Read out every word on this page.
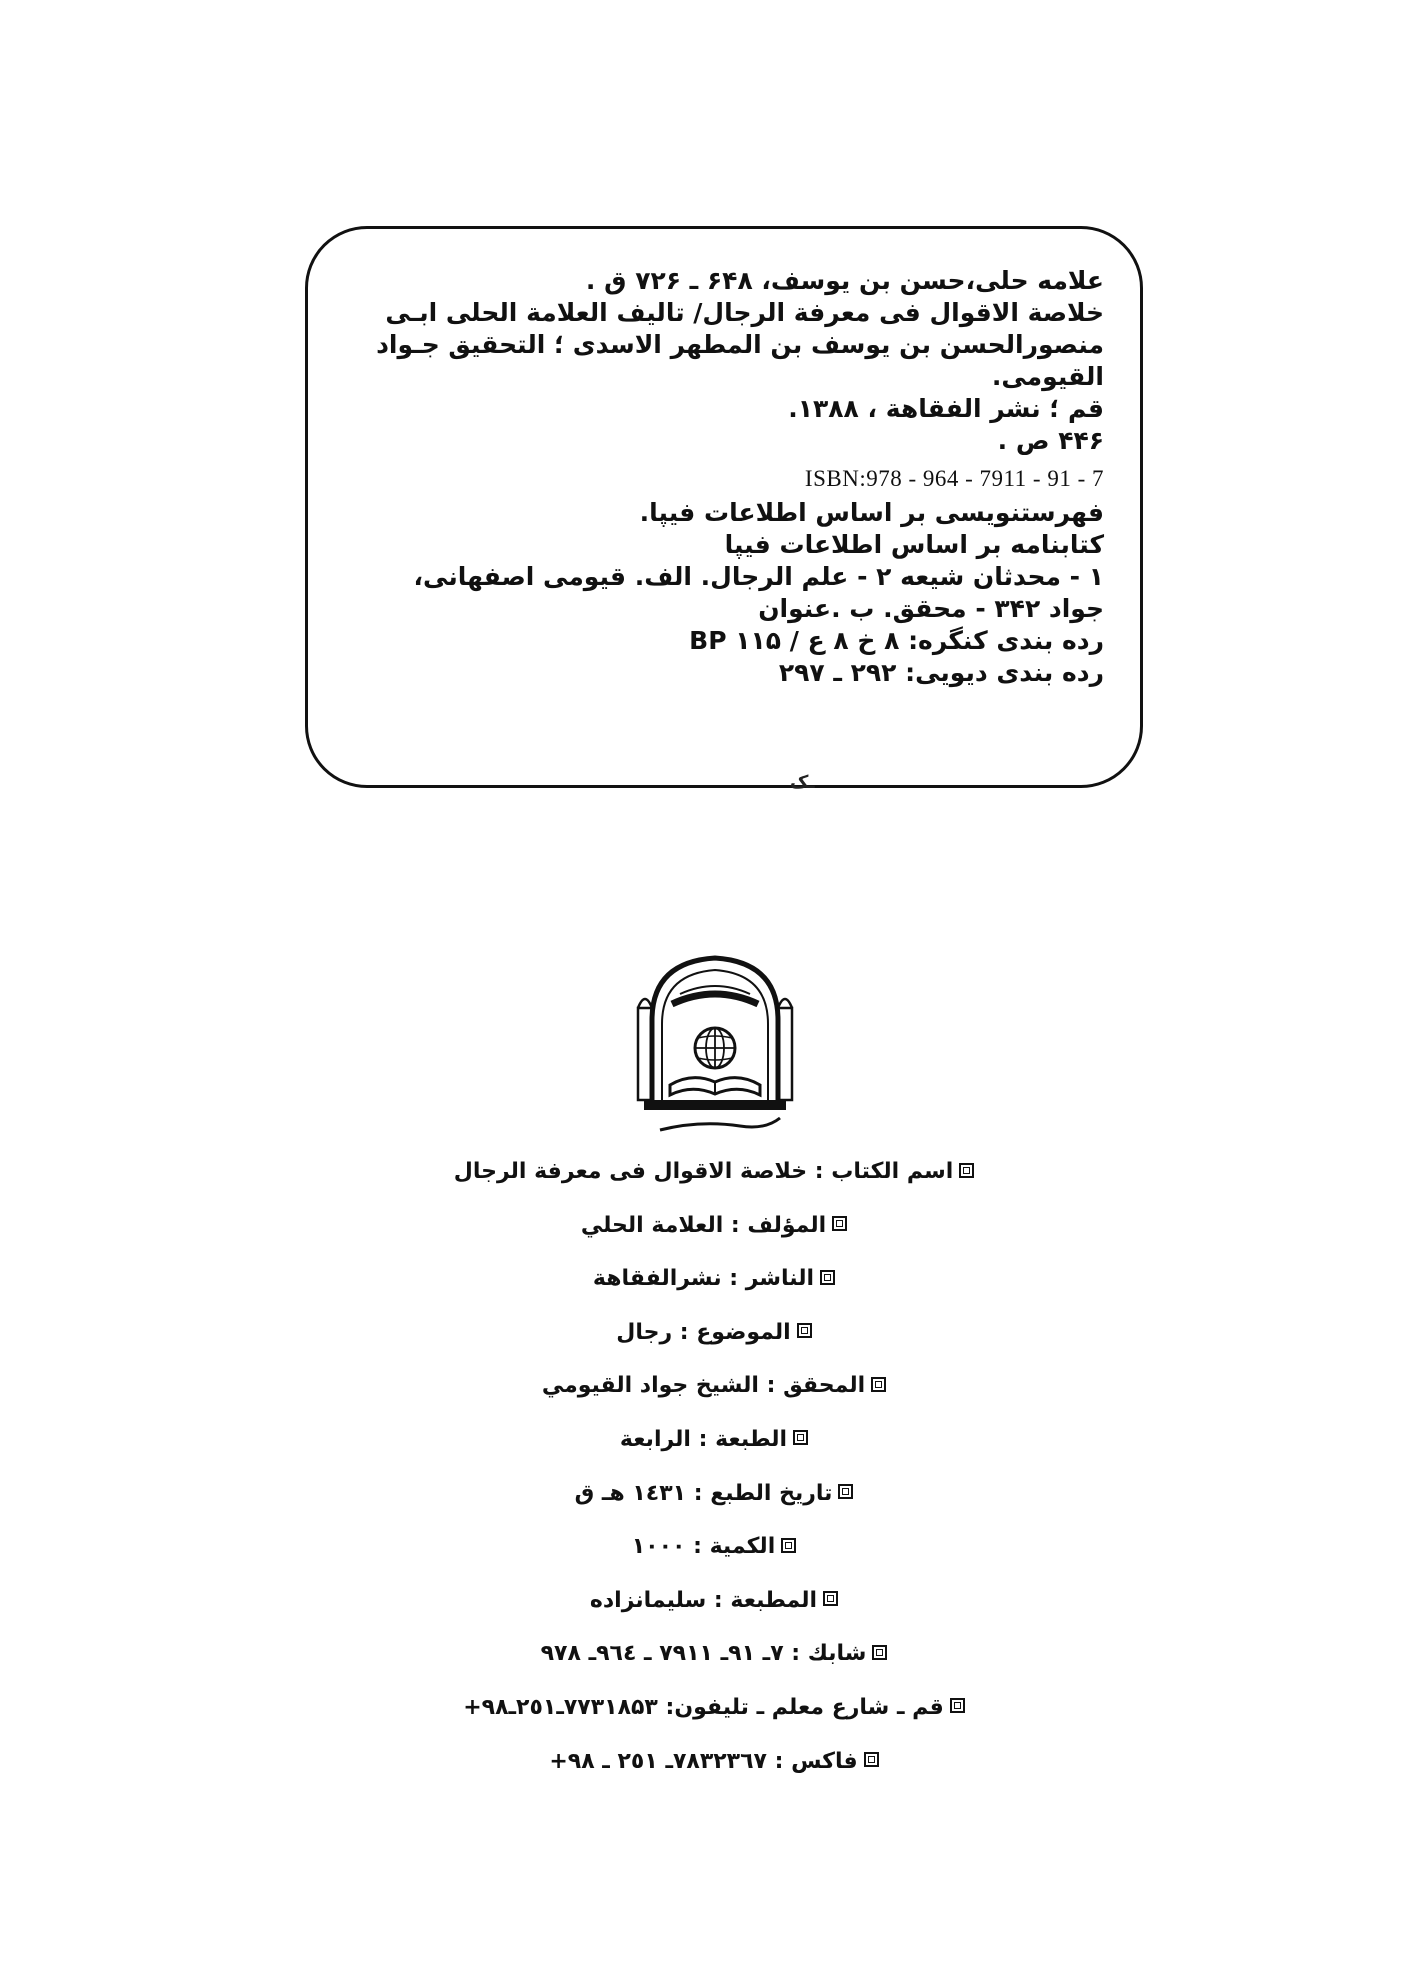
علامه حلی،حسن بن یوسف، ۶۴۸ ـ ۷۲۶ ق .

خلاصة الاقوال فی معرفة الرجال/ تالیف العلامة الحلی ابـی

منصورالحسن بن یوسف بن المطهر الاسدی ؛ التحقیق جـواد

القیومی.

قم ؛ نشر الفقاهة ، ۱۳۸۸.

۴۴۶ ص .

ISBN:978 - 964 - 7911 - 91 - 7

فهرستنویسی بر اساس اطلاعات فیپا.

کتابنامه بر اساس اطلاعات فیپا

۱ - محدثان شیعه ۲ - علم الرجال. الف. قیومی اصفهانی،

جواد ۳۴۲ - محقق. ب .عنوان

رده بندی کنگره: ۸ خ ۸ ع / ۱۱۵ BP

رده بندی دیویی: ۲۹۲ ـ ۲۹۷

ـک
اسم الكتاب : خلاصة الاقوال فی معرفة الرجال
المؤلف : العلامة الحلي
الناشر : نشرالفقاهة
الموضوع : رجال
المحقق : الشيخ جواد القيومي
الطبعة : الرابعة
تاريخ الطبع : ۱٤۳۱ هـ ق
الكمية : ۱۰۰۰
المطبعة : سليمانزاده
شابك : ۷ـ ۹۱ـ ۷۹۱۱ ـ ۹٦٤ـ ۹۷۸
قم ـ شارع معلم ـ تليفون: ۷۷۳۱۸۵۳ـ۲٥۱ـ۹۸+
فاكس : ۷۸۳۲۳٦۷ـ ۲٥۱ ـ ۹۸+
